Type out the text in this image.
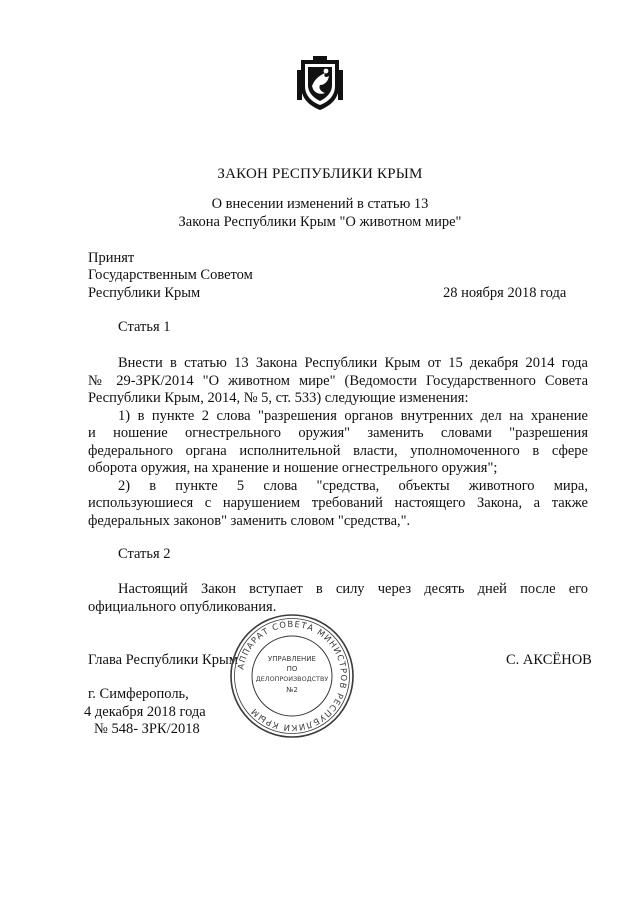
ЗАКОН РЕСПУБЛИКИ КРЫМ
О внесении изменений в статью 13
Закона Республики Крым "О животном мире"
Принят
Государственным Советом
Республики Крым	28 ноября 2018 года
Статья 1
Внести в статью 13 Закона Республики Крым от 15 декабря 2014 года
№ 29-ЗРК/2014 "О животном мире" (Ведомости Государственного Совета
Республики Крым, 2014, № 5, ст. 533) следующие изменения:
1) в пункте 2 слова "разрешения органов внутренних дел на хранение
и ношение огнестрельного оружия" заменить словами "разрешения
федерального органа исполнительной власти, уполномоченного в сфере
оборота оружия, на хранение и ношение огнестрельного оружия";
2) в пункте 5 слова "средства, объекты животного мира,
используюшиеся с нарушением требований настоящего Закона, а также
федеральных законов" заменить словом "средства,".
Статья 2
Настоящий Закон вступает в силу через десять дней после его
официального опубликования.
Глава Республики Крым	С. АКСЁНОВ
г. Симферополь,
4 декабря 2018 года
№ 548- ЗРК/2018
АППАРАТ СОВЕТА МИНИСТРОВ РЕСПУБЛИКИ КРЫМ
УПРАВЛЕНИЕ
ПО
ДЕЛОПРОИЗВОДСТВУ
№2
